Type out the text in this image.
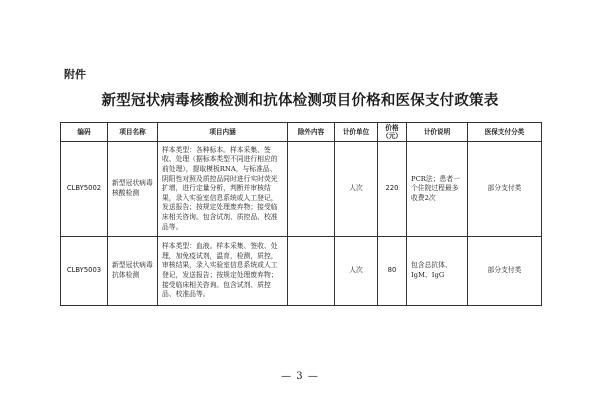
附件
新型冠状病毒核酸检测和抗体检测项目价格和医保支付政策表
编码	项目名称	项目内涵	除外内容	计价单位	价格（元）	计价说明	医保支付分类
CLBY5002	新型冠状病毒核酸检测	样本类型：各种标本。样本采集、签收、处理（据标本类型不同进行相应的前处理），提取模板RNA，与标准品、阴阳性对照及质控品同时进行实时荧光扩增，进行定量分析，判断并审核结果，录入实验室信息系统或人工登记，发送报告；按规定处理废弃物；接受临床相关咨询。包含试剂、质控品、校准品等。		人次	220	PCR法；患者一个住院过程最多收费2次	部分支付类
CLBY5003	新型冠状病毒抗体检测	样本类型：血液。样本采集、签收、处理，加免疫试剂，温育，检测，质控，审核结果，录入实验室信息系统或人工登记，发送报告；按规定处理废弃物；接受临床相关咨询。包含试剂、质控品、校准品等。		人次	80	包含总抗体、IgM、IgG	部分支付类
— 3 —
